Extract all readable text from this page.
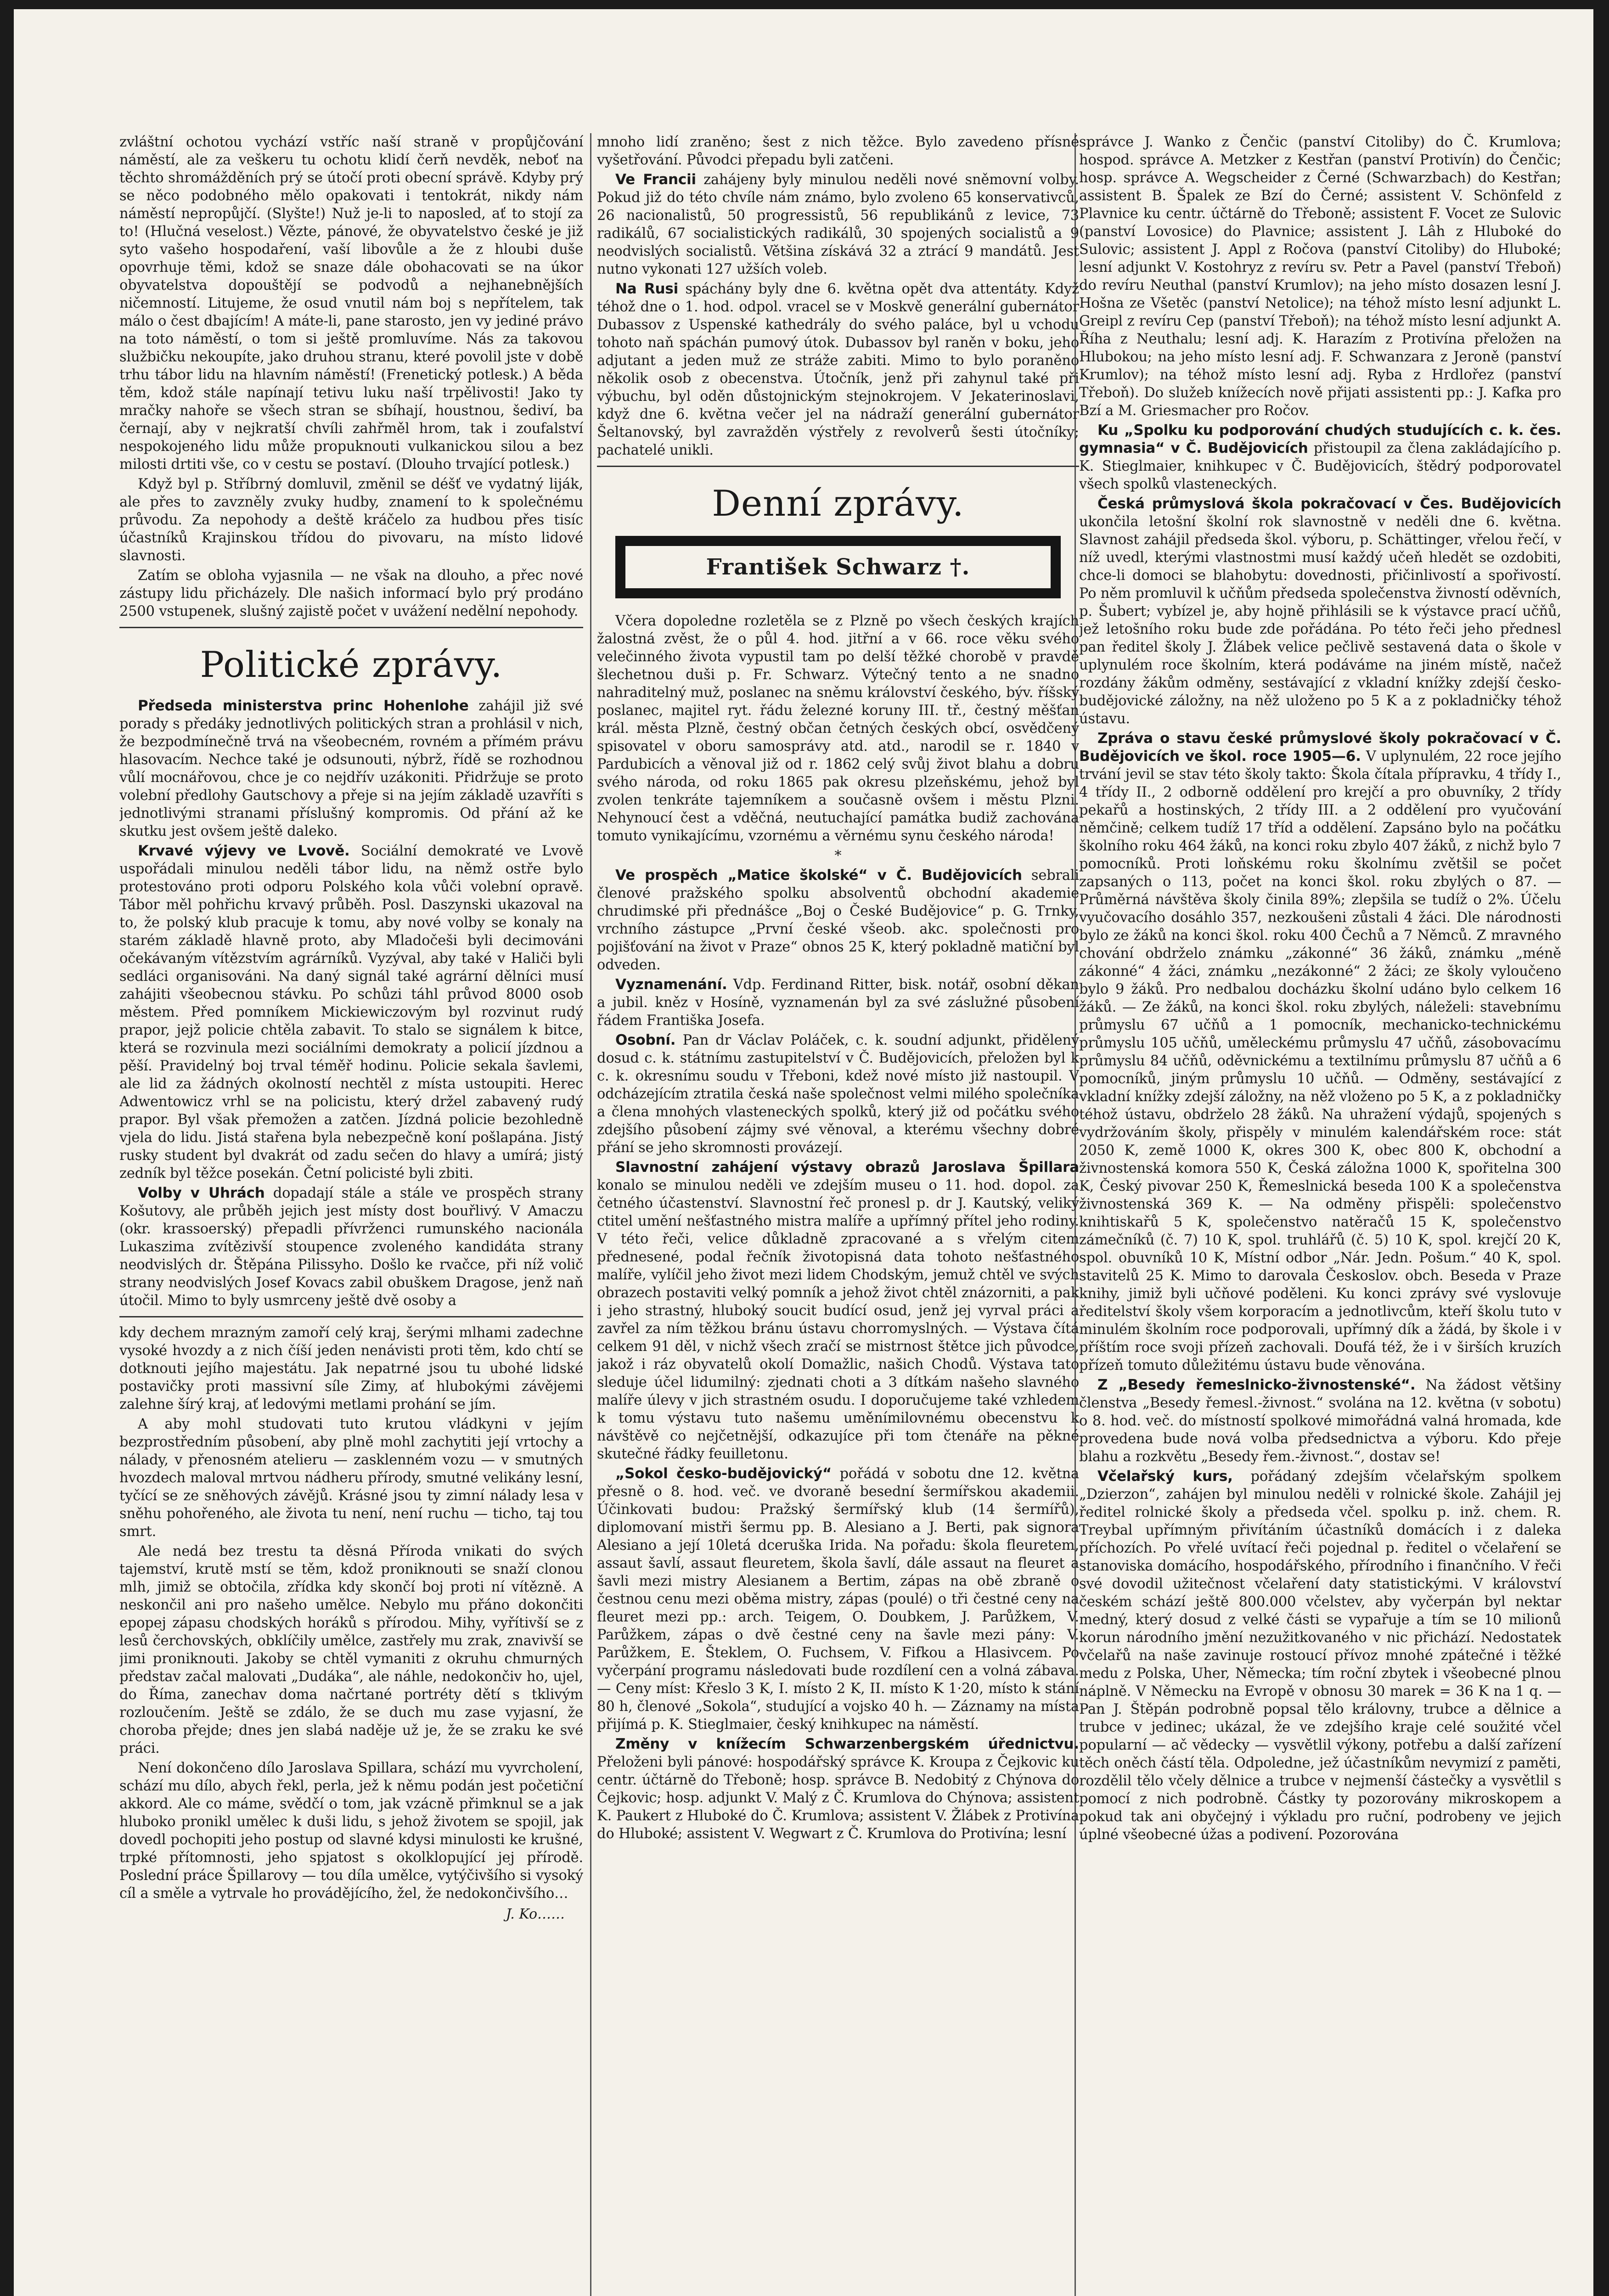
zvláštní ochotou vychází vstříc naší straně v propůjčování náměstí, ale za veškeru tu ochotu klidí čerň nevděk, neboť na těchto shromážděních prý se útočí proti obecní správě. Kdyby prý se něco podobného mělo opakovati i tentokrát, nikdy nám náměstí nepropůjčí. (Slyšte!) Nuž je-li to naposled, ať to stojí za to! (Hlučná veselost.) Vězte, pánové, že obyvatelstvo české je již syto vašeho hospodaření, vaší libovůle a že z hloubi duše opovrhuje těmi, kdož se snaze dále obohacovati se na úkor obyvatelstva dopouštějí se podvodů a nejhanebnějších ničemností. Litujeme, že osud vnutil nám boj s nepřítelem, tak málo o čest dbajícím! A máte-li, pane starosto, jen vy jediné právo na toto náměstí, o tom si ještě promluvíme. Nás za takovou službičku nekoupíte, jako druhou stranu, které povolil jste v době trhu tábor lidu na hlavním náměstí! (Frenetický potlesk.) A běda těm, kdož stále napínají tetivu luku naší trpělivosti! Jako ty mračky nahoře se všech stran se sbíhají, houstnou, šediví, ba černají, aby v nejkratší chvíli zahřměl hrom, tak i zoufalství nespokojeného lidu může propuknouti vulkanickou silou a bez milosti drtiti vše, co v cestu se postaví. (Dlouho trvající potlesk.)

Když byl p. Stříbrný domluvil, změnil se déšť ve vydatný liják, ale přes to zavzněly zvuky hudby, znamení to k společnému průvodu. Za nepohody a deště kráčelo za hudbou přes tisíc účastníků Krajinskou třídou do pivovaru, na místo lidové slavnosti.

Zatím se obloha vyjasnila — ne však na dlouho, a přec nové zástupy lidu přicházely. Dle našich informací bylo prý prodáno 2500 vstupenek, slušný zajistě počet v uvážení nedělní nepohody.

Politické zprávy.

Předseda ministerstva princ Hohenlohe zahájil již své porady s předáky jednotlivých politických stran a prohlásil v nich, že bezpodmínečně trvá na všeobecném, rovném a přímém právu hlasovacím. Nechce také je odsunouti, nýbrž, řídě se rozhodnou vůlí mocnářovou, chce je co nejdřív uzákoniti. Přidržuje se proto volební předlohy Gautschovy a přeje si na jejím základě uzavříti s jednotlivými stranami příslušný kompromis. Od přání až ke skutku jest ovšem ještě daleko.

Krvavé výjevy ve Lvově. Sociální demokraté ve Lvově uspořádali minulou neděli tábor lidu, na němž ostře bylo protestováno proti odporu Polského kola vůči volební opravě. Tábor měl pohřichu krvavý průběh. Posl. Daszynski ukazoval na to, že polský klub pracuje k tomu, aby nové volby se konaly na starém základě hlavně proto, aby Mladočeši byli decimováni očekávaným vítězstvím agrárníků. Vyzýval, aby také v Haliči byli sedláci organisováni. Na daný signál také agrární dělníci musí zahájiti všeobecnou stávku. Po schůzi táhl průvod 8000 osob městem. Před pomníkem Mickiewiczovým byl rozvinut rudý prapor, jejž policie chtěla zabavit. To stalo se signálem k bitce, která se rozvinula mezi sociálními demokraty a policií jízdnou a pěší. Pravidelný boj trval téměř hodinu. Policie sekala šavlemi, ale lid za žádných okolností nechtěl z místa ustoupiti. Herec Adwentowicz vrhl se na policistu, který držel zabavený rudý prapor. Byl však přemožen a zatčen. Jízdná policie bezohledně vjela do lidu. Jistá stařena byla nebezpečně koní pošlapána. Jistý rusky student byl dvakrát od zadu sečen do hlavy a umírá; jistý zedník byl těžce posekán. Četní policisté byli zbiti.

Volby v Uhrách dopadají stále a stále ve prospěch strany Košutovy, ale průběh jejich jest místy dost bouřlivý. V Amaczu (okr. krassoerský) přepadli přívrženci rumunského nacionála Lukaszima zvítězivší stoupence zvoleného kandidáta strany neodvislých dr. Štěpána Pilissyho. Došlo ke rvačce, při níž volič strany neodvislých Josef Kovacs zabil obuškem Dragose, jenž naň útočil. Mimo to byly usmrceny ještě dvě osoby a

kdy dechem mrazným zamoří celý kraj, šerými mlhami zadechne vysoké hvozdy a z nich číší jeden nenávisti proti těm, kdo chtí se dotknouti jejího majestátu. Jak nepatrné jsou tu ubohé lidské postavičky proti massivní síle Zimy, ať hlubokými závějemi zalehne šírý kraj, ať ledovými metlami prohání se jím.

A aby mohl studovati tuto krutou vládkyni v jejím bezprostředním působení, aby plně mohl zachytiti její vrtochy a nálady, v přenosném atelieru — zasklenném vozu — v smutných hvozdech maloval mrtvou nádheru přírody, smutné velikány lesní, tyčící se ze sněhových závějů. Krásné jsou ty zimní nálady lesa v sněhu pohořeného, ale života tu není, není ruchu — ticho, taj tou smrt.

Ale nedá bez trestu ta děsná Příroda vnikati do svých tajemství, krutě mstí se těm, kdož proniknouti se snaží clonou mlh, jimiž se obtočila, zřídka kdy skončí boj proti ní vítězně. A neskončil ani pro našeho umělce. Nebylo mu přáno dokončiti epopej zápasu chodských horáků s přírodou. Mihy, vyřítivší se z lesů čerchovských, obklíčily umělce, zastřely mu zrak, znavivší se jimi proniknouti. Jakoby se chtěl vymaniti z okruhu chmurných představ začal malovati „Dudáka“, ale náhle, nedokončiv ho, ujel, do Říma, zanechav doma načrtané portréty dětí s tklivým rozloučením. Ještě se zdálo, že se duch mu zase vyjasní, že choroba přejde; dnes jen slabá naděje už je, že se zraku ke své práci.

Není dokončeno dílo Jaroslava Spillara, schází mu vyvrcholení, schází mu dílo, abych řekl, perla, jež k němu podán jest početiční akkord. Ale co máme, svědčí o tom, jak vzácně přimknul se a jak hluboko pronikl umělec k duši lidu, s jehož životem se spojil, jak dovedl pochopiti jeho postup od slavné kdysi minulosti ke krušné, trpké přítomnosti, jeho spjatost s okolklopující jej přírodě. Poslední práce Špillarovy — tou díla umělce, vytýčivšího si vysoký cíl a směle a vytrvale ho provádějícího, žel, že nedokončivšího…

J. Ko……

mnoho lidí zraněno; šest z nich těžce. Bylo zavedeno přísné vyšetřování. Původci přepadu byli zatčeni.

Ve Francii zahájeny byly minulou neděli nové sněmovní volby. Pokud již do této chvíle nám známo, bylo zvoleno 65 konservativců, 26 nacionalistů, 50 progressistů, 56 republikánů z levice, 73 radikálů, 67 socialistických radikálů, 30 spojených socialistů a 9 neodvislých socialistů. Většina získává 32 a ztrácí 9 mandátů. Jest nutno vykonati 127 užších voleb.

Na Rusi spáchány byly dne 6. května opět dva attentáty. Když téhož dne o 1. hod. odpol. vracel se v Moskvě generální gubernátor Dubassov z Uspenské kathedrály do svého paláce, byl u vchodu tohoto naň spáchán pumový útok. Dubassov byl raněn v boku, jeho adjutant a jeden muž ze stráže zabiti. Mimo to bylo poraněno několik osob z obecenstva. Útočník, jenž při zahynul také při výbuchu, byl oděn důstojnickým stejnokrojem. V Jekaterinoslavi, když dne 6. května večer jel na nádraží generální gubernátor Šeltanovský, byl zavražděn výstřely z revolverů šesti útočníky; pachatelé unikli.

Denní zprávy.
František Schwarz †.

Včera dopoledne rozletěla se z Plzně po všech českých krajích žalostná zvěst, že o půl 4. hod. jitřní a v 66. roce věku svého velečinného života vypustil tam po delší těžké chorobě v pravdě šlechetnou duši p. Fr. Schwarz. Výtečný tento a ne snadno nahraditelný muž, poslanec na sněmu království českého, býv. říšský poslanec, majitel ryt. řádu železné koruny III. tř., čestný měšťan král. města Plzně, čestný občan četných českých obcí, osvědčený spisovatel v oboru samosprávy atd. atd., narodil se r. 1840 v Pardubicích a věnoval již od r. 1862 celý svůj život blahu a dobru svého národa, od roku 1865 pak okresu plzeňskému, jehož byl zvolen tenkráte tajemníkem a současně ovšem i městu Plzni. Nehynoucí čest a vděčná, neutuchající památka budiž zachována tomuto vynikajícímu, vzornému a věrnému synu českého národa!

*

Ve prospěch „Matice školské“ v Č. Budějovicích sebrali členové pražského spolku absolventů obchodní akademie chrudimské při přednášce „Boj o České Budějovice“ p. G. Trnky, vrchního zástupce „První české všeob. akc. společnosti pro pojišťování na život v Praze“ obnos 25 K, který pokladně matiční byl odveden.

Vyznamenání. Vdp. Ferdinand Ritter, bisk. notář, osobní děkan a jubil. kněz v Hosíně, vyznamenán byl za své záslužné působení řádem Františka Josefa.

Osobní. Pan dr Václav Poláček, c. k. soudní adjunkt, přidělený dosud c. k. státnímu zastupitelství v Č. Budějovicích, přeložen byl k c. k. okresnímu soudu v Třeboni, kdež nové místo již nastoupil. V odcházejícím ztratila česká naše společnost velmi milého společníka a člena mnohých vlasteneckých spolků, který již od počátku svého zdejšího působení zájmy své věnoval, a kterému všechny dobré přání se jeho skromnosti provázejí.

Slavnostní zahájení výstavy obrazů Jaroslava Špillara konalo se minulou neděli ve zdejším museu o 11. hod. dopol. za četného účastenství. Slavnostní řeč pronesl p. dr J. Kautský, veliký ctitel umění nešťastného mistra malíře a upřímný přítel jeho rodiny. V této řeči, velice důkladně zpracované a s vřelým citem přednesené, podal řečník životopisná data tohoto nešťastného malíře, vylíčil jeho život mezi lidem Chodským, jemuž chtěl ve svých obrazech postaviti velký pomník a jehož život chtěl znázorniti, a pak i jeho strastný, hluboký soucit budící osud, jenž jej vyrval práci a zavřel za ním těžkou bránu ústavu chorromyslných. — Výstava čítá celkem 91 děl, v nichž všech zračí se mistrnost štětce jich původce, jakož i ráz obyvatelů okolí Domažlic, našich Chodů. Výstava tato sleduje účel lidumilný: zjednati choti a 3 dítkám našeho slavného malíře úlevy v jich strastném osudu. I doporučujeme také vzhledem k tomu výstavu tuto našemu uměnímilovnému obecenstvu k návštěvě co nejčetnější, odkazujíce při tom čtenáře na pěkné skutečné řádky feuilletonu.

„Sokol česko-budějovický“ pořádá v sobotu dne 12. května přesně o 8. hod. več. ve dvoraně besední šermířskou akademii. Účinkovati budou: Pražský šermířský klub (14 šermířů), diplomovaní mistři šermu pp. B. Alesiano a J. Berti, pak signora Alesiano a její 10letá dceruška Irida. Na pořadu: škola fleuretem, assaut šavlí, assaut fleuretem, škola šavlí, dále assaut na fleuret a šavli mezi mistry Alesianem a Bertim, zápas na obě zbraně o čestnou cenu mezi oběma mistry, zápas (poulé) o tři čestné ceny na fleuret mezi pp.: arch. Teigem, O. Doubkem, J. Parůžkem, V. Parůžkem, zápas o dvě čestné ceny na šavle mezi pány: V. Parůžkem, E. Šteklem, O. Fuchsem, V. Fifkou a Hlasivcem. Po vyčerpání programu následovati bude rozdílení cen a volná zábava. — Ceny míst: Křeslo 3 K, I. místo 2 K, II. místo K 1·20, místo k stání 80 h, členové „Sokola“, studující a vojsko 40 h. — Záznamy na místa přijímá p. K. Stieglmaier, český knihkupec na náměstí.

Změny v knížecím Schwarzenbergském úřednictvu. Přeloženi byli pánové: hospodářský správce K. Kroupa z Čejkovic ku centr. účtárně do Třeboně; hosp. správce B. Nedobitý z Chýnova do Čejkovic; hosp. adjunkt V. Malý z Č. Krumlova do Chýnova; assistent K. Paukert z Hluboké do Č. Krumlova; assistent V. Žlábek z Protivína do Hluboké; assistent V. Wegwart z Č. Krumlova do Protivína; lesní

správce J. Wanko z Čenčic (panství Citoliby) do Č. Krumlova; hospod. správce A. Metzker z Kestřan (panství Protivín) do Čenčic; hosp. správce A. Wegscheider z Černé (Schwarzbach) do Kestřan; assistent B. Špalek ze Bzí do Černé; assistent V. Schönfeld z Plavnice ku centr. účtárně do Třeboně; assistent F. Vocet ze Sulovic (panství Lovosice) do Plavnice; assistent J. Lâh z Hluboké do Sulovic; assistent J. Appl z Ročova (panství Citoliby) do Hluboké; lesní adjunkt V. Kostohryz z revíru sv. Petr a Pavel (panství Třeboň) do revíru Neuthal (panství Krumlov); na jeho místo dosazen lesní J. Hošna ze Všetěc (panství Netolice); na téhož místo lesní adjunkt L. Greipl z revíru Cep (panství Třeboň); na téhož místo lesní adjunkt A. Říha z Neuthalu; lesní adj. K. Harazím z Protivína přeložen na Hlubokou; na jeho místo lesní adj. F. Schwanzara z Jeroně (panství Krumlov); na téhož místo lesní adj. Ryba z Hrdlořez (panství Třeboň). Do služeb knížecích nově přijati assistenti pp.: J. Kafka pro Bzí a M. Griesmacher pro Ročov.

Ku „Spolku ku podporování chudých studujících c. k. čes. gymnasia“ v Č. Budějovicích přistoupil za člena zakládajícího p. K. Stieglmaier, knihkupec v Č. Budějovicích, štědrý podporovatel všech spolků vlasteneckých.

Česká průmyslová škola pokračovací v Čes. Budějovicích ukončila letošní školní rok slavnostně v neděli dne 6. května. Slavnost zahájil předseda škol. výboru, p. Schättinger, vřelou řečí, v níž uvedl, kterými vlastnostmi musí každý učeň hledět se ozdobiti, chce-li domoci se blahobytu: dovednosti, přičinlivostí a spořivostí. Po něm promluvil k učňům předseda společenstva živností oděvních, p. Šubert; vybízel je, aby hojně přihlásili se k výstavce prací učňů, jež letošního roku bude zde pořádána. Po této řeči jeho přednesl pan ředitel školy J. Žlábek velice pečlivě sestavená data o škole v uplynulém roce školním, která podáváme na jiném místě, načež rozdány žákům odměny, sestávající z vkladní knížky zdejší česko-budějovické záložny, na něž uloženo po 5 K a z pokladničky téhož ústavu.

Zpráva o stavu české průmyslové školy pokračovací v Č. Budějovicích ve škol. roce 1905—6. V uplynulém, 22 roce jejího trvání jevil se stav této školy takto: Škola čítala přípravku, 4 třídy I., 4 třídy II., 2 odborně oddělení pro krejčí a pro obuvníky, 2 třídy pekařů a hostinských, 2 třídy III. a 2 oddělení pro vyučování němčině; celkem tudíž 17 tříd a oddělení. Zapsáno bylo na počátku školního roku 464 žáků, na konci roku zbylo 407 žáků, z nichž bylo 7 pomocníků. Proti loňskému roku školnímu zvětšil se počet zapsaných o 113, počet na konci škol. roku zbylých o 87. — Průměrná návštěva školy činila 89%; zlepšila se tudíž o 2%. Účelu vyučovacího dosáhlo 357, nezkoušeni zůstali 4 žáci. Dle národnosti bylo ze žáků na konci škol. roku 400 Čechů a 7 Němců. Z mravného chování obdrželo známku „zákonné“ 36 žáků, známku „méně zákonné“ 4 žáci, známku „nezákonné“ 2 žáci; ze školy vyloučeno bylo 9 žáků. Pro nedbalou docházku školní udáno bylo celkem 16 žáků. — Ze žáků, na konci škol. roku zbylých, náleželi: stavebnímu průmyslu 67 učňů a 1 pomocník, mechanicko-technickému průmyslu 105 učňů, uměleckému průmyslu 47 učňů, zásobovacímu průmyslu 84 učňů, oděvnickému a textilnímu průmyslu 87 učňů a 6 pomocníků, jiným průmyslu 10 učňů. — Odměny, sestávající z vkladní knížky zdejší záložny, na něž vloženo po 5 K, a z pokladničky téhož ústavu, obdrželo 28 žáků. Na uhražení výdajů, spojených s vydržováním školy, přispěly v minulém kalendářském roce: stát 2050 K, země 1000 K, okres 300 K, obec 800 K, obchodní a živnostenská komora 550 K, Česká záložna 1000 K, spořitelna 300 K, Český pivovar 250 K, Řemeslnická beseda 100 K a společenstva živnostenská 369 K. — Na odměny přispěli: společenstvo knihtiskařů 5 K, společenstvo natěračů 15 K, společenstvo zámečníků (č. 7) 10 K, spol. truhlářů (č. 5) 10 K, spol. krejčí 20 K, spol. obuvníků 10 K, Místní odbor „Nár. Jedn. Pošum.“ 40 K, spol. stavitelů 25 K. Mimo to darovala Českoslov. obch. Beseda v Praze knihy, jimiž byli učňové poděleni. Ku konci zprávy své vyslovuje ředitelství školy všem korporacím a jednotlivcům, kteří školu tuto v minulém školním roce podporovali, upřímný dík a žádá, by škole i v příštím roce svoji přízeň zachovali. Doufá též, že i v širších kruzích přízeň tomuto důležitému ústavu bude věnována.

Z „Besedy řemeslnicko-živnostenské“. Na žádost většiny členstva „Besedy řemesl.-živnost.“ svolána na 12. května (v sobotu) o 8. hod. več. do místností spolkové mimořádná valná hromada, kde provedena bude nová volba předsednictva a výboru. Kdo přeje blahu a rozkvětu „Besedy řem.-živnost.“, dostav se!

Včelařský kurs, pořádaný zdejším včelařským spolkem „Dzierzon“, zahájen byl minulou neděli v rolnické škole. Zahájil jej ředitel rolnické školy a předseda včel. spolku p. inž. chem. R. Treybal upřímným přivítáním účastníků domácích i z daleka příchozích. Po vřelé uvítací řeči pojednal p. ředitel o včelaření se stanoviska domácího, hospodářského, přírodního i finančního. V řeči své dovodil užitečnost včelaření daty statistickými. V království českém schází ještě 800.000 včelstev, aby vyčerpán byl nektar medný, který dosud z velké části se vypařuje a tím se 10 milionů korun národního jmění nezužitkovaného v nic přichází. Nedostatek včelařů na naše zavinuje rostoucí přívoz mnohé zpátečné i těžké medu z Polska, Uher, Německa; tím roční zbytek i všeobecné plnou náplně. V Německu na Evropě v obnosu 30 marek = 36 K na 1 q. — Pan J. Štěpán podrobně popsal tělo královny, trubce a dělnice a trubce v jedinec; ukázal, že ve zdejšího kraje celé soužité včel popularní — ač vědecky — vysvětlil výkony, potřebu a další zařízení těch oněch částí těla. Odpoledne, jež účastníkům nevymizí z paměti, rozdělil tělo včely dělnice a trubce v nejmenší částečky a vysvětlil s pomocí z nich podrobně. Částky ty pozorovány mikroskopem a pokud tak ani obyčejný i výkladu pro ruční, podrobeny ve jejich úplné všeobecné úžas a podivení. Pozorována
